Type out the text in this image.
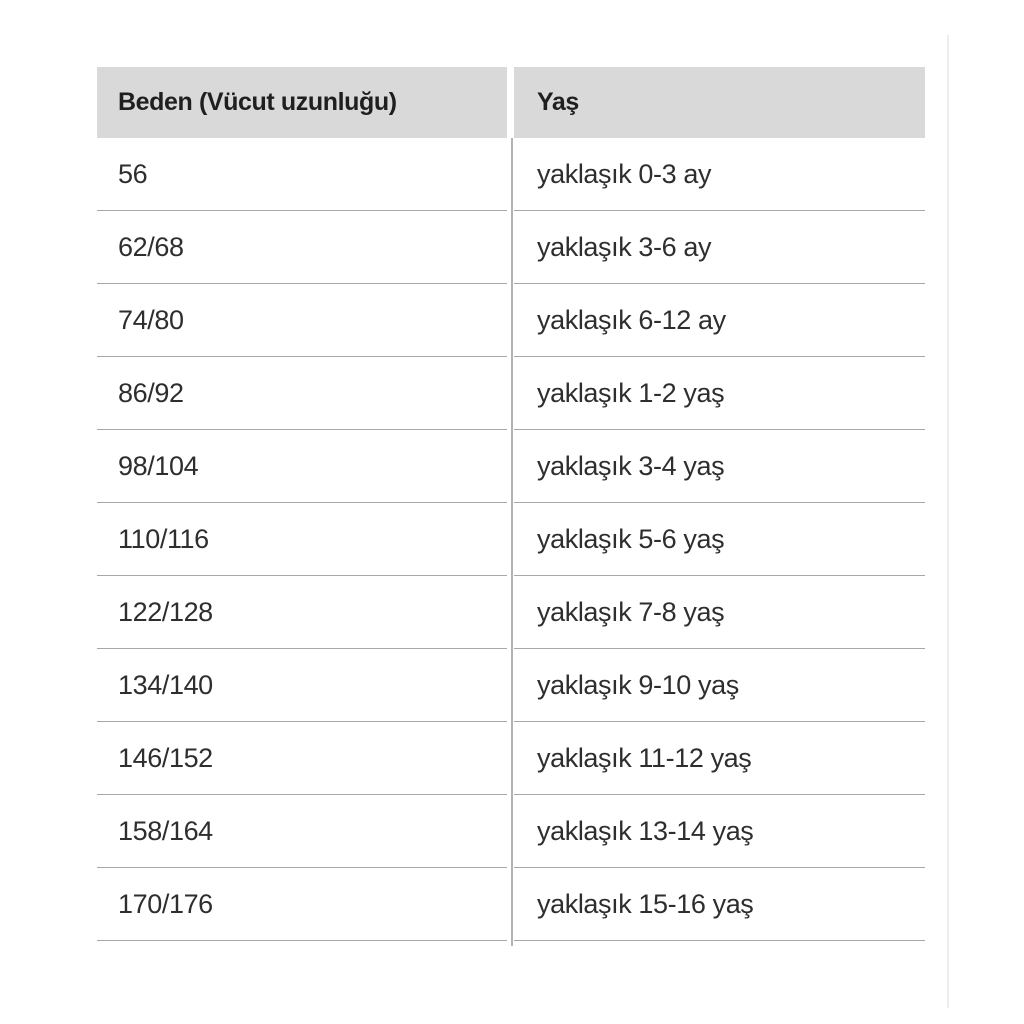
Beden (Vücut uzunluğu)	Yaş
56	yaklaşık 0-3 ay
62/68	yaklaşık 3-6 ay
74/80	yaklaşık 6-12 ay
86/92	yaklaşık 1-2 yaş
98/104	yaklaşık 3-4 yaş
110/116	yaklaşık 5-6 yaş
122/128	yaklaşık 7-8 yaş
134/140	yaklaşık 9-10 yaş
146/152	yaklaşık 11-12 yaş
158/164	yaklaşık 13-14 yaş
170/176	yaklaşık 15-16 yaş
